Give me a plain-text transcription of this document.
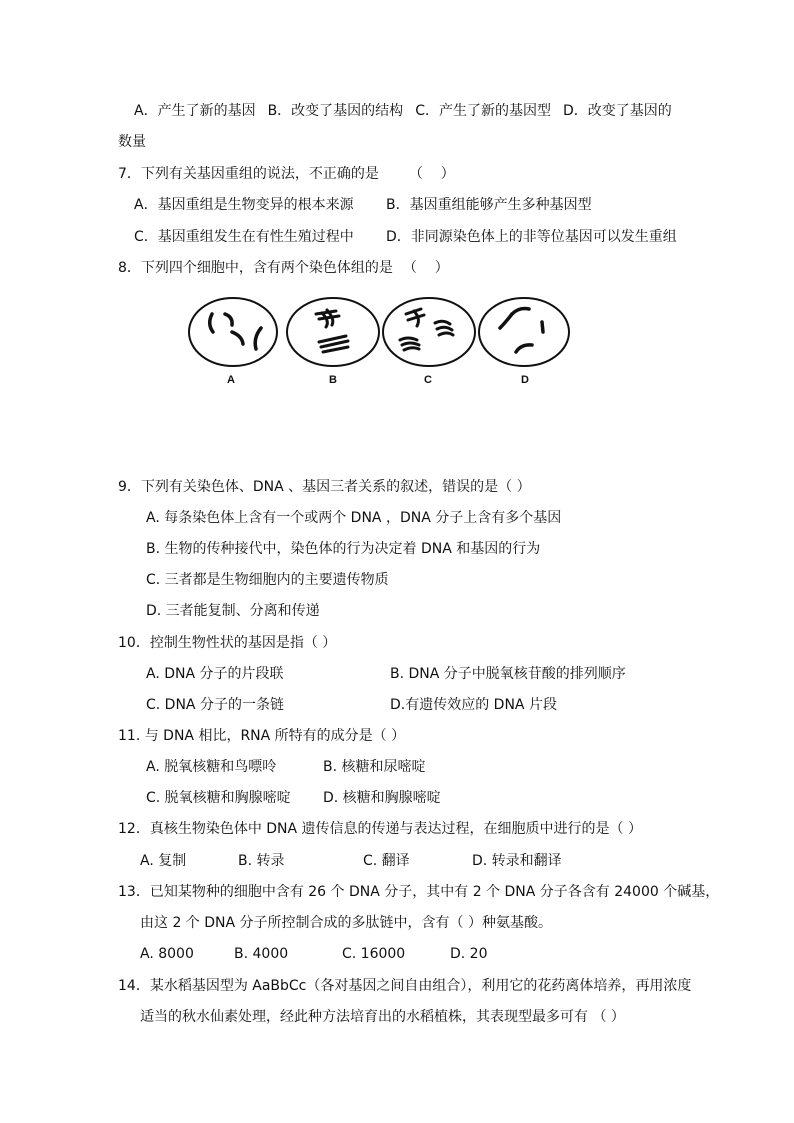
A．产生了新的基因 B．改变了基因的结构 C．产生了新的基因型 D．改变了基因的
数量
7．下列有关基因重组的说法，不正确的是 （    ）
A．基因重组是生物变异的根本来源 B．基因重组能够产生多种基因型
C．基因重组发生在有性生殖过程中 D．非同源染色体上的非等位基因可以发生重组
8．下列四个细胞中，含有两个染色体组的是 （    ）
A	B	C	D
9．下列有关染色体、DNA 、基因三者关系的叙述，错误的是（ ）
A. 每条染色体上含有一个或两个 DNA ，DNA 分子上含有多个基因
B. 生物的传种接代中，染色体的行为决定着 DNA 和基因的行为
C. 三者都是生物细胞内的主要遗传物质
D. 三者能复制、分离和传递
10．控制生物性状的基因是指（ ）
A. DNA 分子的片段联	B. DNA 分子中脱氧核苷酸的排列顺序
C. DNA 分子的一条链	D.有遗传效应的 DNA 片段
11. 与 DNA 相比，RNA 所特有的成分是（ ）
A. 脱氧核糖和鸟嘌呤	B. 核糖和尿嘧啶
C. 脱氧核糖和胸腺嘧啶 D. 核糖和胸腺嘧啶
12．真核生物染色体中 DNA 遗传信息的传递与表达过程，在细胞质中进行的是（ ）
A. 复制	B. 转录	C. 翻译	D. 转录和翻译
13．已知某物种的细胞中含有 26 个 DNA 分子，其中有 2 个 DNA 分子各含有 24000 个碱基，
由这 2 个 DNA 分子所控制合成的多肽链中，含有（ ）种氨基酸。
A. 8000	B. 4000	C. 16000	D. 20
14．某水稻基因型为 AaBbCc（各对基因之间自由组合），利用它的花药离体培养，再用浓度
适当的秋水仙素处理，经此种方法培育出的水稻植株，其表现型最多可有 （ ）
